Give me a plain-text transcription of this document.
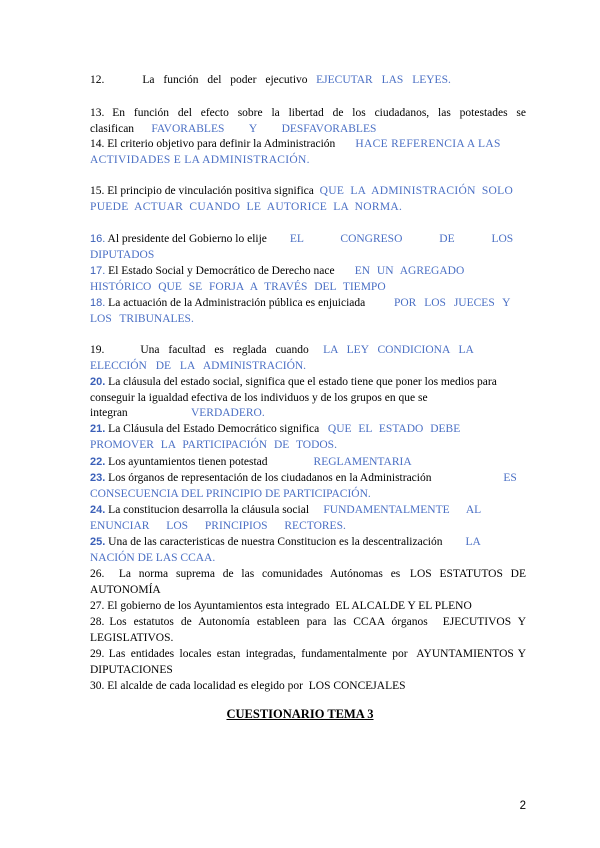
12.	La función del poder ejecutivo EJECUTAR LAS LEYES.

13. En función del efecto sobre la libertad de los ciudadanos, las potestades se clasifican FAVORABLES Y DESFAVORABLES

14. El criterio objetivo para definir la Administración HACE REFERENCIA A LAS ACTIVIDADES E LA ADMINISTRACIÓN.

15. El principio de vinculación positiva significa QUE LA ADMINISTRACIÓN SOLO PUEDE ACTUAR CUANDO LE AUTORICE LA NORMA.

16. Al presidente del Gobierno lo elije EL CONGRESO DE LOS DIPUTADOS

17. El Estado Social y Democrático de Derecho nace EN UN AGREGADO HISTÓRICO QUE SE FORJA A TRAVÉS DEL TIEMPO

18. La actuación de la Administración pública es enjuiciada	POR LOS JUECES Y LOS TRIBUNALES.

19.	Una facultad es reglada cuando LA LEY CONDICIONA LA ELECCIÓN DE LA ADMINISTRACIÓN.

20. La cláusula del estado social, significa que el estado tiene que poner los medios para conseguir la igualdad efectiva de los individuos y de los grupos en que se integran	VERDADERO.

21. La Cláusula del Estado Democrático significa QUE EL ESTADO DEBE PROMOVER LA PARTICIPACIÓN DE TODOS.

22. Los ayuntamientos tienen potestad	REGLAMENTARIA

23. Los órganos de representación de los ciudadanos en la Administración	ES CONSECUENCIA DEL PRINCIPIO DE PARTICIPACIÓN.

24. La constitucion desarrolla la cláusula social FUNDAMENTALMENTE AL ENUNCIAR LOS PRINCIPIOS RECTORES.

25. Una de las caracteristicas de nuestra Constitucion es la descentralización LA NACIÓN DE LAS CCAA.

26. La norma suprema de las comunidades Autónomas es LOS ESTATUTOS DE AUTONOMÍA

27. El gobierno de los Ayuntamientos esta integrado EL ALCALDE Y EL PLENO

28. Los estatutos de Autonomía estableen para las CCAA órganos EJECUTIVOS Y LEGISLATIVOS.

29. Las entidades locales estan integradas, fundamentalmente por AYUNTAMIENTOS Y DIPUTACIONES

30. El alcalde de cada localidad es elegido por LOS CONCEJALES

CUESTIONARIO TEMA 3

2
